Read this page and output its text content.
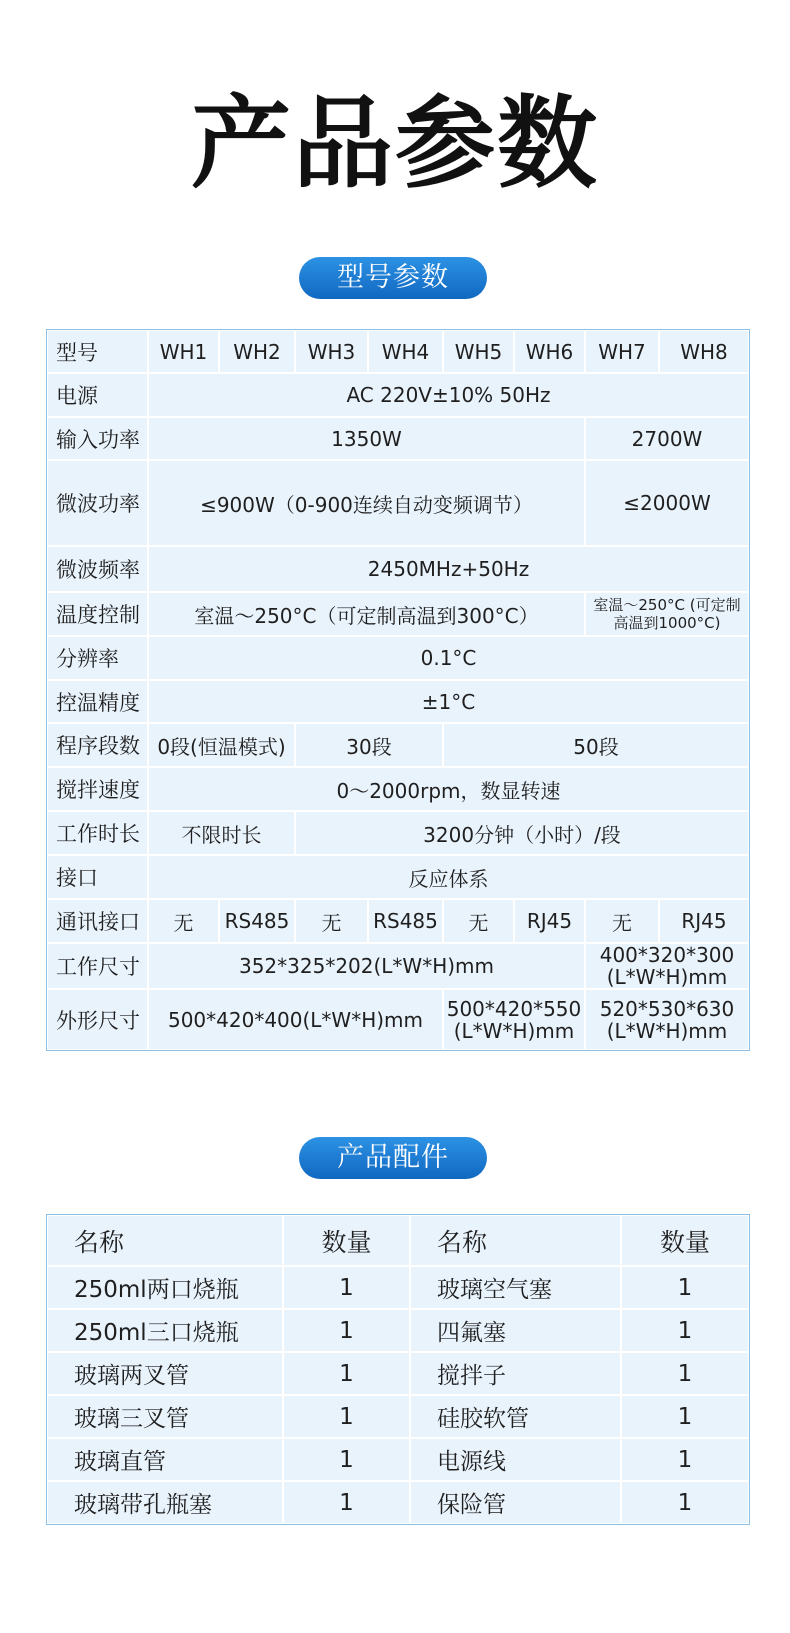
产品参数
型号参数
型号	WH1	WH2	WH3	WH4	WH5	WH6	WH7	WH8
电源	AC 220V±10% 50Hz							
输入功率	1350W						2700W	
微波功率	≤900W（0-900连续自动变频调节）						≤2000W	
微波频率	2450MHz+50Hz							
温度控制	室温～250°C（可定制高温到300°C）						室温～250°C (可定制高温到1000°C)	
分辨率	0.1°C							
控温精度	±1°C							
程序段数	0段(恒温模式)		30段		50段			
搅拌速度	0～2000rpm，数显转速							
工作时长	不限时长		3200分钟（小时）/段					
接口	反应体系							
通讯接口	无	RS485	无	RS485	无	RJ45	无	RJ45
工作尺寸	352*325*202(L*W*H)mm						400*320*300 (L*W*H)mm	
外形尺寸	500*420*400(L*W*H)mm				500*420*550 (L*W*H)mm		520*530*630 (L*W*H)mm	
产品配件
名称	数量	名称	数量
250ml两口烧瓶	1	玻璃空气塞	1
250ml三口烧瓶	1	四氟塞	1
玻璃两叉管	1	搅拌子	1
玻璃三叉管	1	硅胶软管	1
玻璃直管	1	电源线	1
玻璃带孔瓶塞	1	保险管	1
